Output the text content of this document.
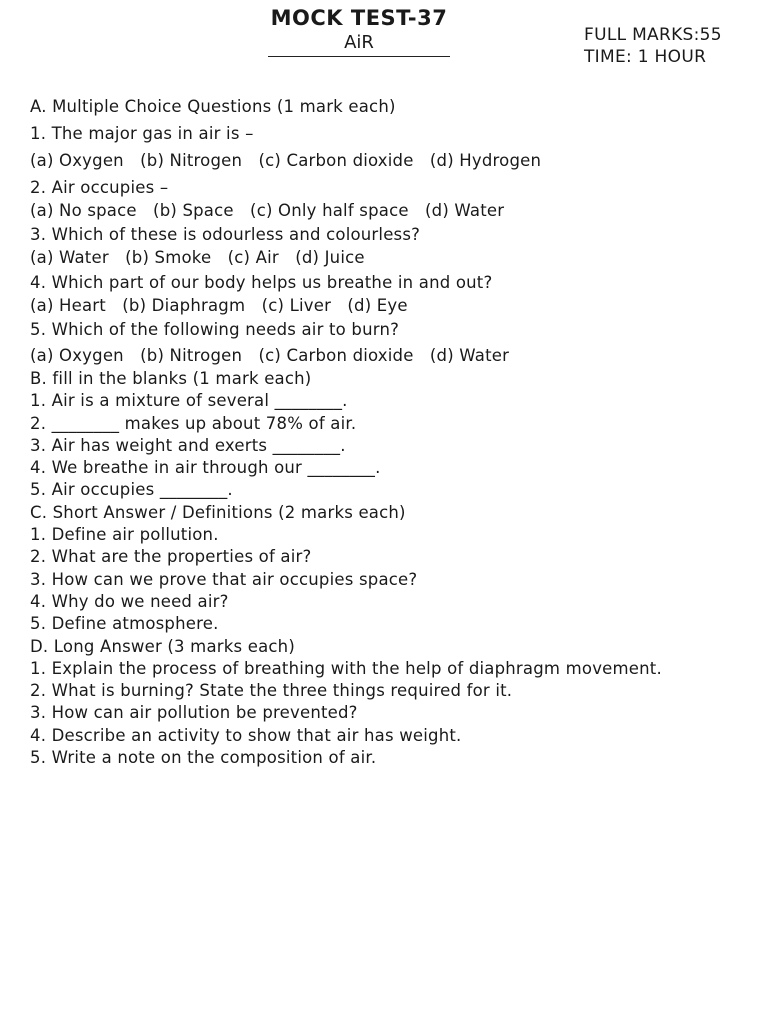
MOCK TEST-37
AiR	FULL MARKS:55
TIME: 1 HOUR
A. Multiple Choice Questions (1 mark each)
1. The major gas in air is –
(a) Oxygen   (b) Nitrogen   (c) Carbon dioxide   (d) Hydrogen
2. Air occupies –
(a) No space   (b) Space   (c) Only half space   (d) Water
3. Which of these is odourless and colourless?
(a) Water   (b) Smoke   (c) Air   (d) Juice
4. Which part of our body helps us breathe in and out?
(a) Heart   (b) Diaphragm   (c) Liver   (d) Eye
5. Which of the following needs air to burn?
(a) Oxygen   (b) Nitrogen   (c) Carbon dioxide   (d) Water
B. fill in the blanks (1 mark each)
1. Air is a mixture of several ________.
2. ________ makes up about 78% of air.
3. Air has weight and exerts ________.
4. We breathe in air through our ________.
5. Air occupies ________.
C. Short Answer / Definitions (2 marks each)
1. Define air pollution.
2. What are the properties of air?
3. How can we prove that air occupies space?
4. Why do we need air?
5. Define atmosphere.
D. Long Answer (3 marks each)
1. Explain the process of breathing with the help of diaphragm movement.
2. What is burning? State the three things required for it.
3. How can air pollution be prevented?
4. Describe an activity to show that air has weight.
5. Write a note on the composition of air.
